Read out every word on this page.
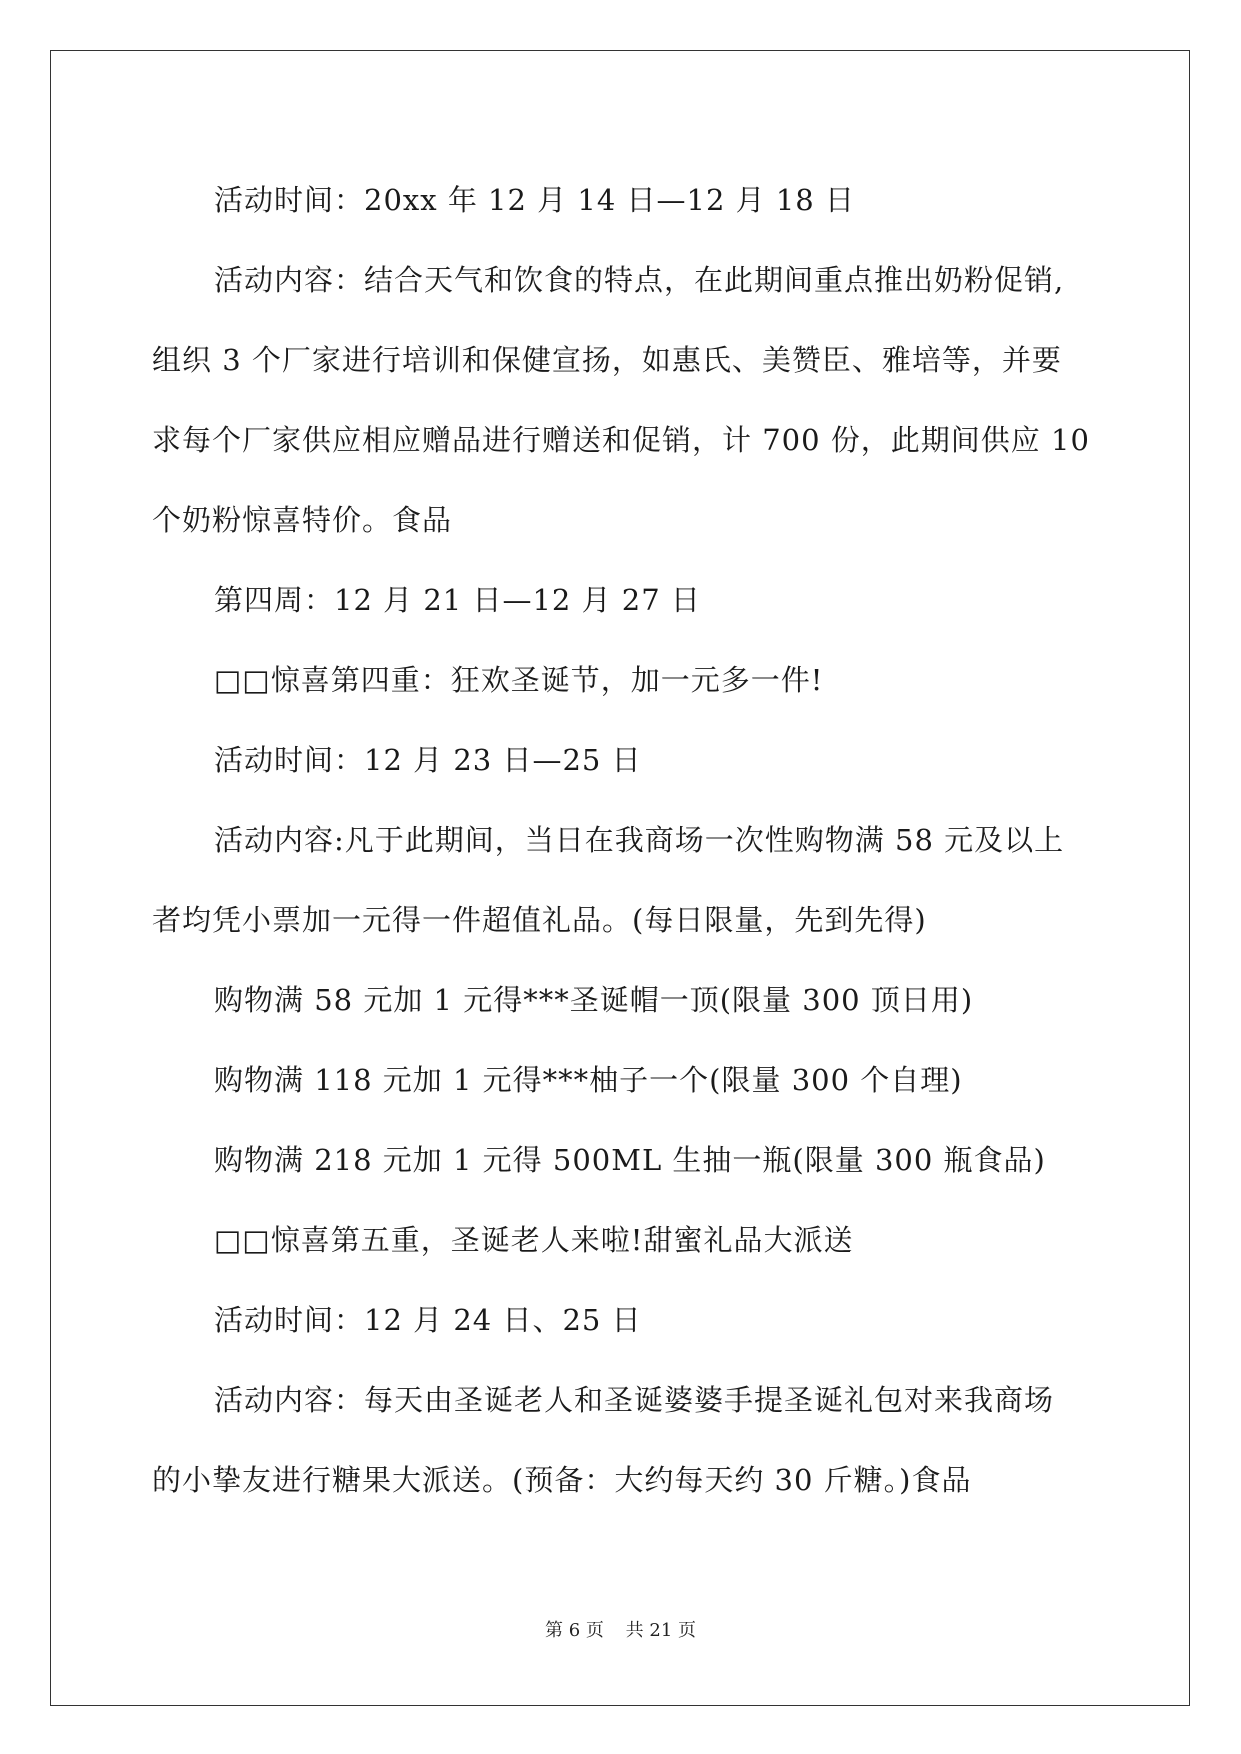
活动时间：20xx 年 12 月 14 日—12 月 18 日

活动内容：结合天气和饮食的特点，在此期间重点推出奶粉促销,

组织 3 个厂家进行培训和保健宣扬，如惠氏、美赞臣、雅培等，并要

求每个厂家供应相应赠品进行赠送和促销，计 700 份，此期间供应 10

个奶粉惊喜特价。食品

第四周：12 月 21 日—12 月 27 日

□□惊喜第四重：狂欢圣诞节，加一元多一件!

活动时间：12 月 23 日—25 日

活动内容:凡于此期间，当日在我商场一次性购物满 58 元及以上

者均凭小票加一元得一件超值礼品。(每日限量，先到先得)

购物满 58 元加 1 元得***圣诞帽一顶(限量 300 顶日用)

购物满 118 元加 1 元得***柚子一个(限量 300 个自理)

购物满 218 元加 1 元得 500ML 生抽一瓶(限量 300 瓶食品)

□□惊喜第五重，圣诞老人来啦!甜蜜礼品大派送

活动时间：12 月 24 日、25 日

活动内容：每天由圣诞老人和圣诞婆婆手提圣诞礼包对来我商场

的小挚友进行糖果大派送。(预备：大约每天约 30 斤糖。)食品

第 6 页 共 21 页
